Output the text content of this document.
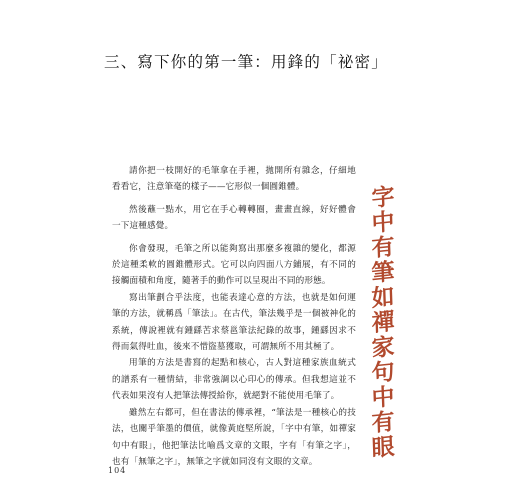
三、寫下你的第一筆：用鋒的「祕密」

請你把一枝開好的毛筆拿在手裡，拋開所有雜念，仔細地看看它，注意筆毫的樣子——它形似一個圓錐體。

然後蘸一點水，用它在手心轉轉圈，畫畫直線，好好體會一下這種感覺。

你會發現，毛筆之所以能夠寫出那麼多複雜的變化，都源於這種柔軟的圓錐體形式。它可以向四面八方鋪展，有不同的接觸面積和角度，隨著手的動作可以呈現出不同的形態。

寫出筆劃合乎法度，也能表達心意的方法，也就是如何運筆的方法，就稱爲「筆法」。在古代，筆法幾乎是一個被神化的系統，傳說裡就有鍾繇苦求蔡邕筆法紀錄的故事，鍾繇因求不得而氣得吐血，後來不惜盜墓獲取，可謂無所不用其極了。

用筆的方法是書寫的起點和核心，古人對這種家族血統式的譜系有一種情結，非常強調以心印心的傳承。但我想這並不代表如果沒有人把筆法傳授給你，就絕對不能使用毛筆了。

雖然左右都可，但在書法的傳承裡，“筆法是一種核心的技法，也關乎筆墨的價值，就像黃庭堅所說，「字中有筆，如禪家句中有眼」，他把筆法比喻爲文章的文眼，字有「有筆之字」，也有「無筆之字」，無筆之字就如同沒有文眼的文章。

字
中
有
筆
如
禪
家
句
中
有
眼
104
